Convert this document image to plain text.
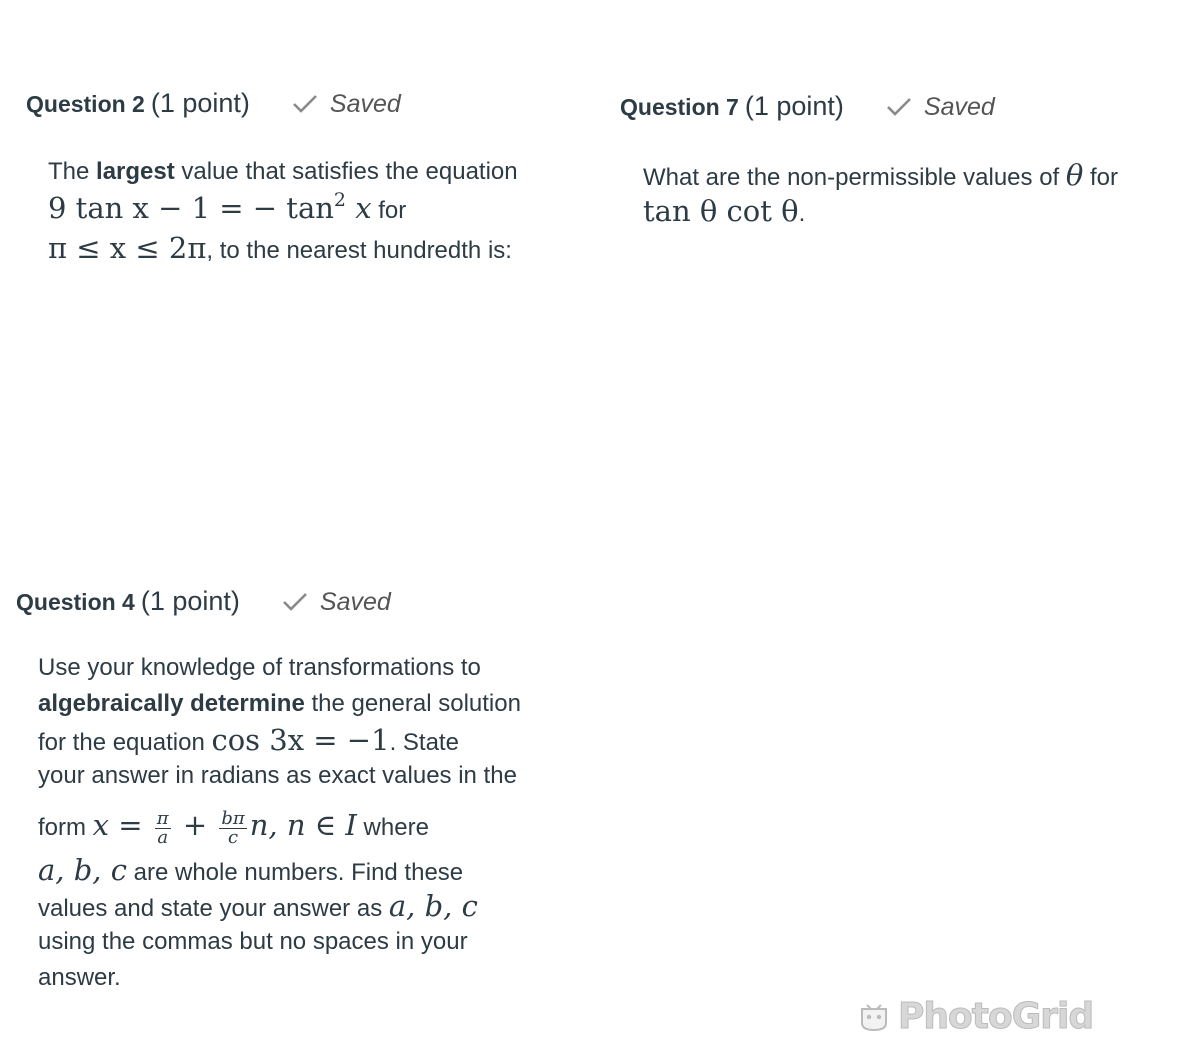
Question 2 (1 point)	Saved
The largest value that satisfies the equation
9 tan x − 1 = − $\tan^2 x$ for
π ≤ x ≤ 2π, to the nearest hundredth is:
Question 7 (1 point)	Saved
What are the non-permissible values of θ for
tan θ cot θ.
Question 4 (1 point)	Saved
Use your knowledge of transformations to
algebraically determine the general solution
for the equation cos 3x = −1. State
your answer in radians as exact values in the
form $x = \frac{\pi}{a} + \frac{b\pi}{c} n$, n ∈ I where
a, b, c are whole numbers. Find these
values and state your answer as a, b, c
using the commas but no spaces in your
answer.
PhotoGrid
